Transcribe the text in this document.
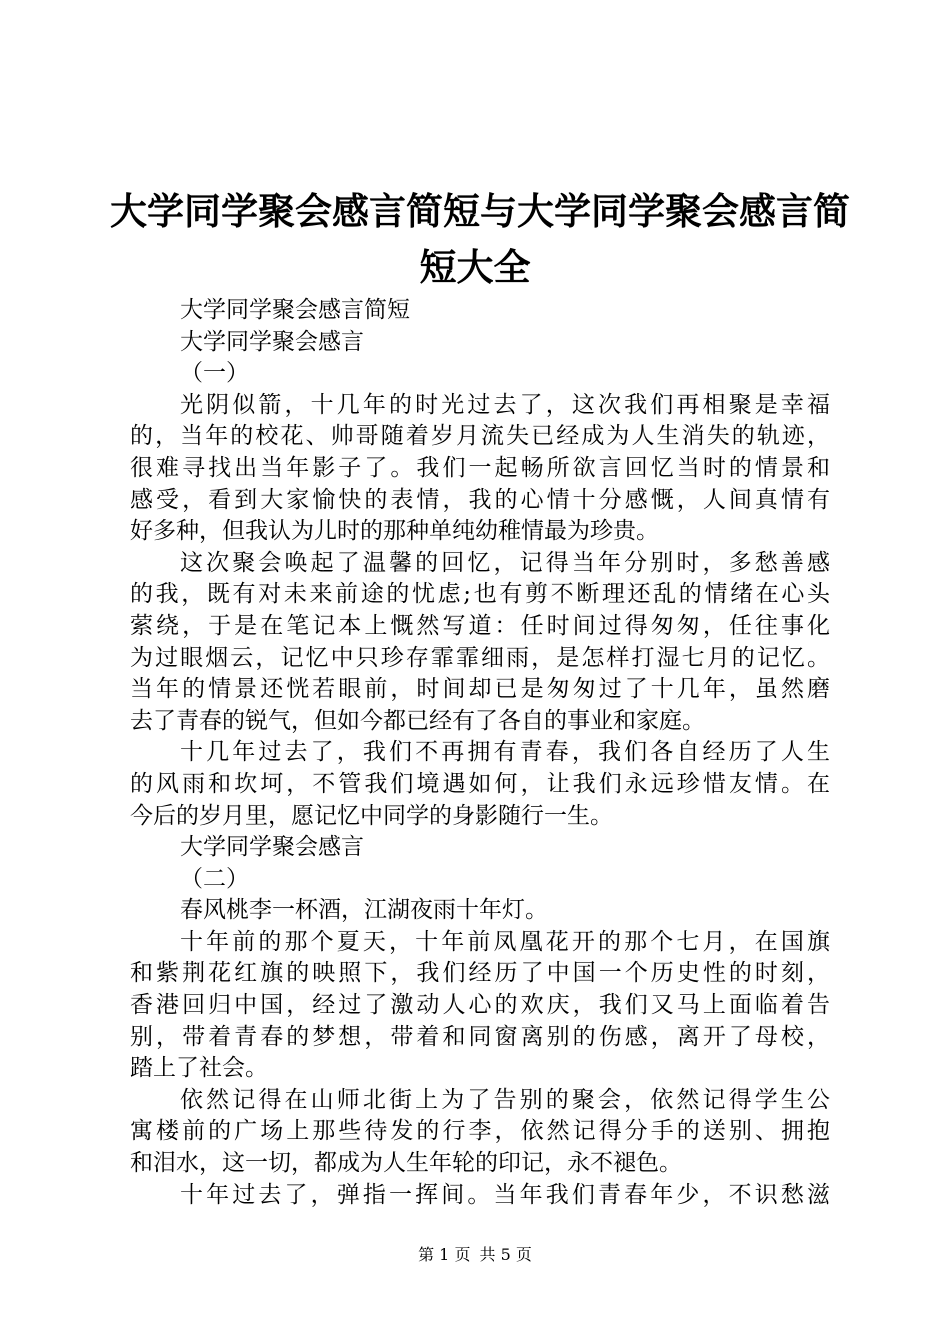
大学同学聚会感言简短与大学同学聚会感言简
短大全
大学同学聚会感言简短
大学同学聚会感言
（一）
光阴似箭，十几年的时光过去了，这次我们再相聚是幸福
的，当年的校花、帅哥随着岁月流失已经成为人生消失的轨迹，
很难寻找出当年影子了。我们一起畅所欲言回忆当时的情景和
感受，看到大家愉快的表情，我的心情十分感慨，人间真情有
好多种，但我认为儿时的那种单纯幼稚情最为珍贵。
这次聚会唤起了温馨的回忆，记得当年分别时，多愁善感
的我，既有对未来前途的忧虑;也有剪不断理还乱的情绪在心头
萦绕，于是在笔记本上慨然写道：任时间过得匆匆，任往事化
为过眼烟云，记忆中只珍存霏霏细雨，是怎样打湿七月的记忆。
当年的情景还恍若眼前，时间却已是匆匆过了十几年，虽然磨
去了青春的锐气，但如今都已经有了各自的事业和家庭。
十几年过去了，我们不再拥有青春，我们各自经历了人生
的风雨和坎坷，不管我们境遇如何，让我们永远珍惜友情。在
今后的岁月里，愿记忆中同学的身影随行一生。
大学同学聚会感言
（二）
春风桃李一杯酒，江湖夜雨十年灯。
十年前的那个夏天，十年前凤凰花开的那个七月，在国旗
和紫荆花红旗的映照下，我们经历了中国一个历史性的时刻，
香港回归中国，经过了激动人心的欢庆，我们又马上面临着告
别，带着青春的梦想，带着和同窗离别的伤感，离开了母校，
踏上了社会。
依然记得在山师北街上为了告别的聚会，依然记得学生公
寓楼前的广场上那些待发的行李，依然记得分手的送别、拥抱
和泪水，这一切，都成为人生年轮的印记，永不褪色。
十年过去了，弹指一挥间。当年我们青春年少，不识愁滋
第 1 页 共 5 页
